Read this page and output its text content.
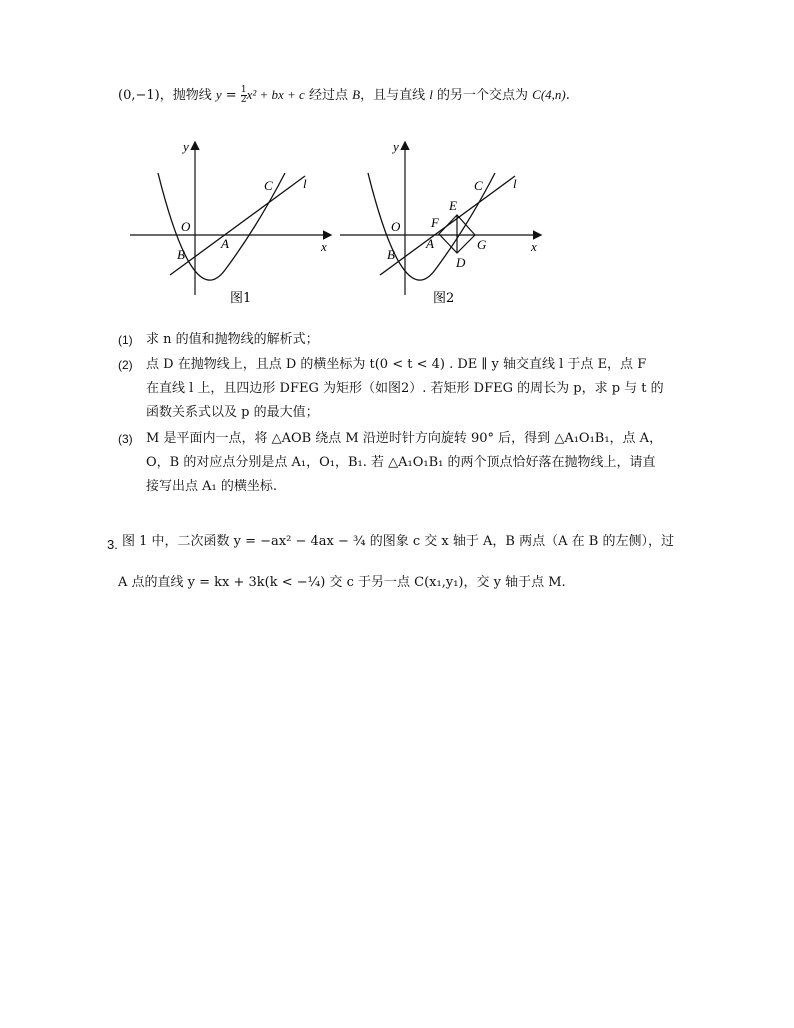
(0,−1)，抛物线 $y = \frac{1}{2} x^2$ + bx + c 经过点 B，且与直线 l 的另一个交点为 C(4,n).
l
C
O
B
A
y
x
图1
l
C
E
F
G
D
O
B
A
y
x
图2
(1) 求 n 的值和抛物线的解析式；
(2) 点 D 在抛物线上，且点 D 的横坐标为 t(0 < t < 4) . DE ∥ y 轴交直线 l 于点 E，点 F
在直线 l 上，且四边形 DFEG 为矩形（如图2）. 若矩形 DFEG 的周长为 p，求 p 与 t 的
函数关系式以及 p 的最大值；
(3) M 是平面内一点，将 △AOB 绕点 M 沿逆时针方向旋转 90° 后，得到 △A₁O₁B₁，点 A，
O，B 的对应点分别是点 A₁，O₁，B₁. 若 △A₁O₁B₁ 的两个顶点恰好落在抛物线上，请直
接写出点 A₁ 的横坐标.
3. 图 1 中，二次函数 y = −ax² − 4ax − ¾ 的图象 c 交 x 轴于 A，B 两点（A 在 B 的左侧），过
A 点的直线 y = kx + 3k(k < −¼) 交 c 于另一点 C(x₁,y₁)，交 y 轴于点 M.
